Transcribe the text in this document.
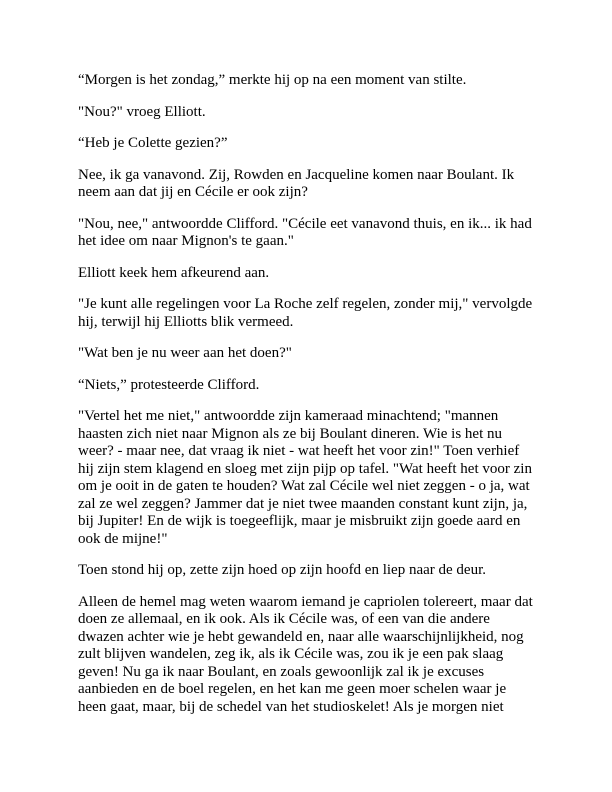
“Morgen is het zondag,” merkte hij op na een moment van stilte.

"Nou?" vroeg Elliott.

“Heb je Colette gezien?”

Nee, ik ga vanavond. Zij, Rowden en Jacqueline komen naar Boulant. Ik neem aan dat jij en Cécile er ook zijn?

"Nou, nee," antwoordde Clifford. "Cécile eet vanavond thuis, en ik... ik had het idee om naar Mignon's te gaan."

Elliott keek hem afkeurend aan.

"Je kunt alle regelingen voor La Roche zelf regelen, zonder mij," vervolgde hij, terwijl hij Elliotts blik vermeed.

"Wat ben je nu weer aan het doen?"

“Niets,” protesteerde Clifford.

"Vertel het me niet," antwoordde zijn kameraad minachtend; "mannen haasten zich niet naar Mignon als ze bij Boulant dineren. Wie is het nu weer? - maar nee, dat vraag ik niet - wat heeft het voor zin!" Toen verhief hij zijn stem klagend en sloeg met zijn pijp op tafel. "Wat heeft het voor zin om je ooit in de gaten te houden? Wat zal Cécile wel niet zeggen - o ja, wat zal ze wel zeggen? Jammer dat je niet twee maanden constant kunt zijn, ja, bij Jupiter! En de wijk is toegeeflijk, maar je misbruikt zijn goede aard en ook de mijne!"

Toen stond hij op, zette zijn hoed op zijn hoofd en liep naar de deur.

Alleen de hemel mag weten waarom iemand je capriolen tolereert, maar dat doen ze allemaal, en ik ook. Als ik Cécile was, of een van die andere dwazen achter wie je hebt gewandeld en, naar alle waarschijnlijkheid, nog zult blijven wandelen, zeg ik, als ik Cécile was, zou ik je een pak slaag geven! Nu ga ik naar Boulant, en zoals gewoonlijk zal ik je excuses aanbieden en de boel regelen, en het kan me geen moer schelen waar je heen gaat, maar, bij de schedel van het studioskelet! Als je morgen niet
